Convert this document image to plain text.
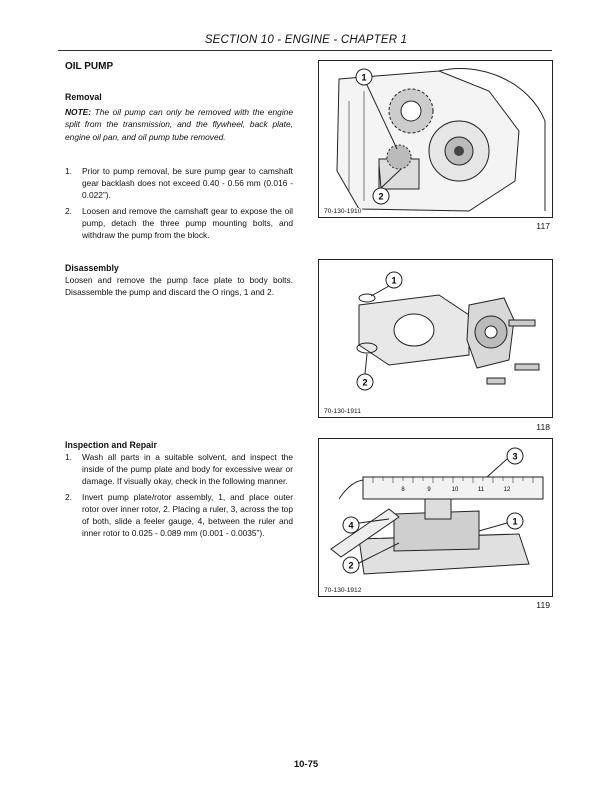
SECTION 10 - ENGINE - CHAPTER 1
OIL PUMP
Removal
NOTE: The oil pump can only be removed with the engine split from the transmission, and the flywheel, back plate, engine oil pan, and oil pump tube removed.
1. Prior to pump removal, be sure pump gear to camshaft gear backlash does not exceed 0.40 - 0.56 mm (0.016 - 0.022”).
2. Loosen and remove the camshaft gear to expose the oil pump, detach the three pump mounting bolts, and withdraw the pump from the block.
Disassembly
Loosen and remove the pump face plate to body bolts. Disassemble the pump and discard the O rings, 1 and 2.
Inspection and Repair
1. Wash all parts in a suitable solvent, and inspect the inside of the pump plate and body for excessive wear or damage. If visually okay, check in the following manner.
2. Invert pump plate/rotor assembly, 1, and place outer rotor over inner rotor, 2. Placing a ruler, 3, across the top of both, slide a feeler gauge, 4, between the ruler and inner rotor to 0.025 - 0.089 mm (0.001 - 0.0035”).
1
2
70-130-1910
117
1
2
70-130-1911
118
8	9	10	11	12
3
4	1
2
70-130-1912
119
10-75
